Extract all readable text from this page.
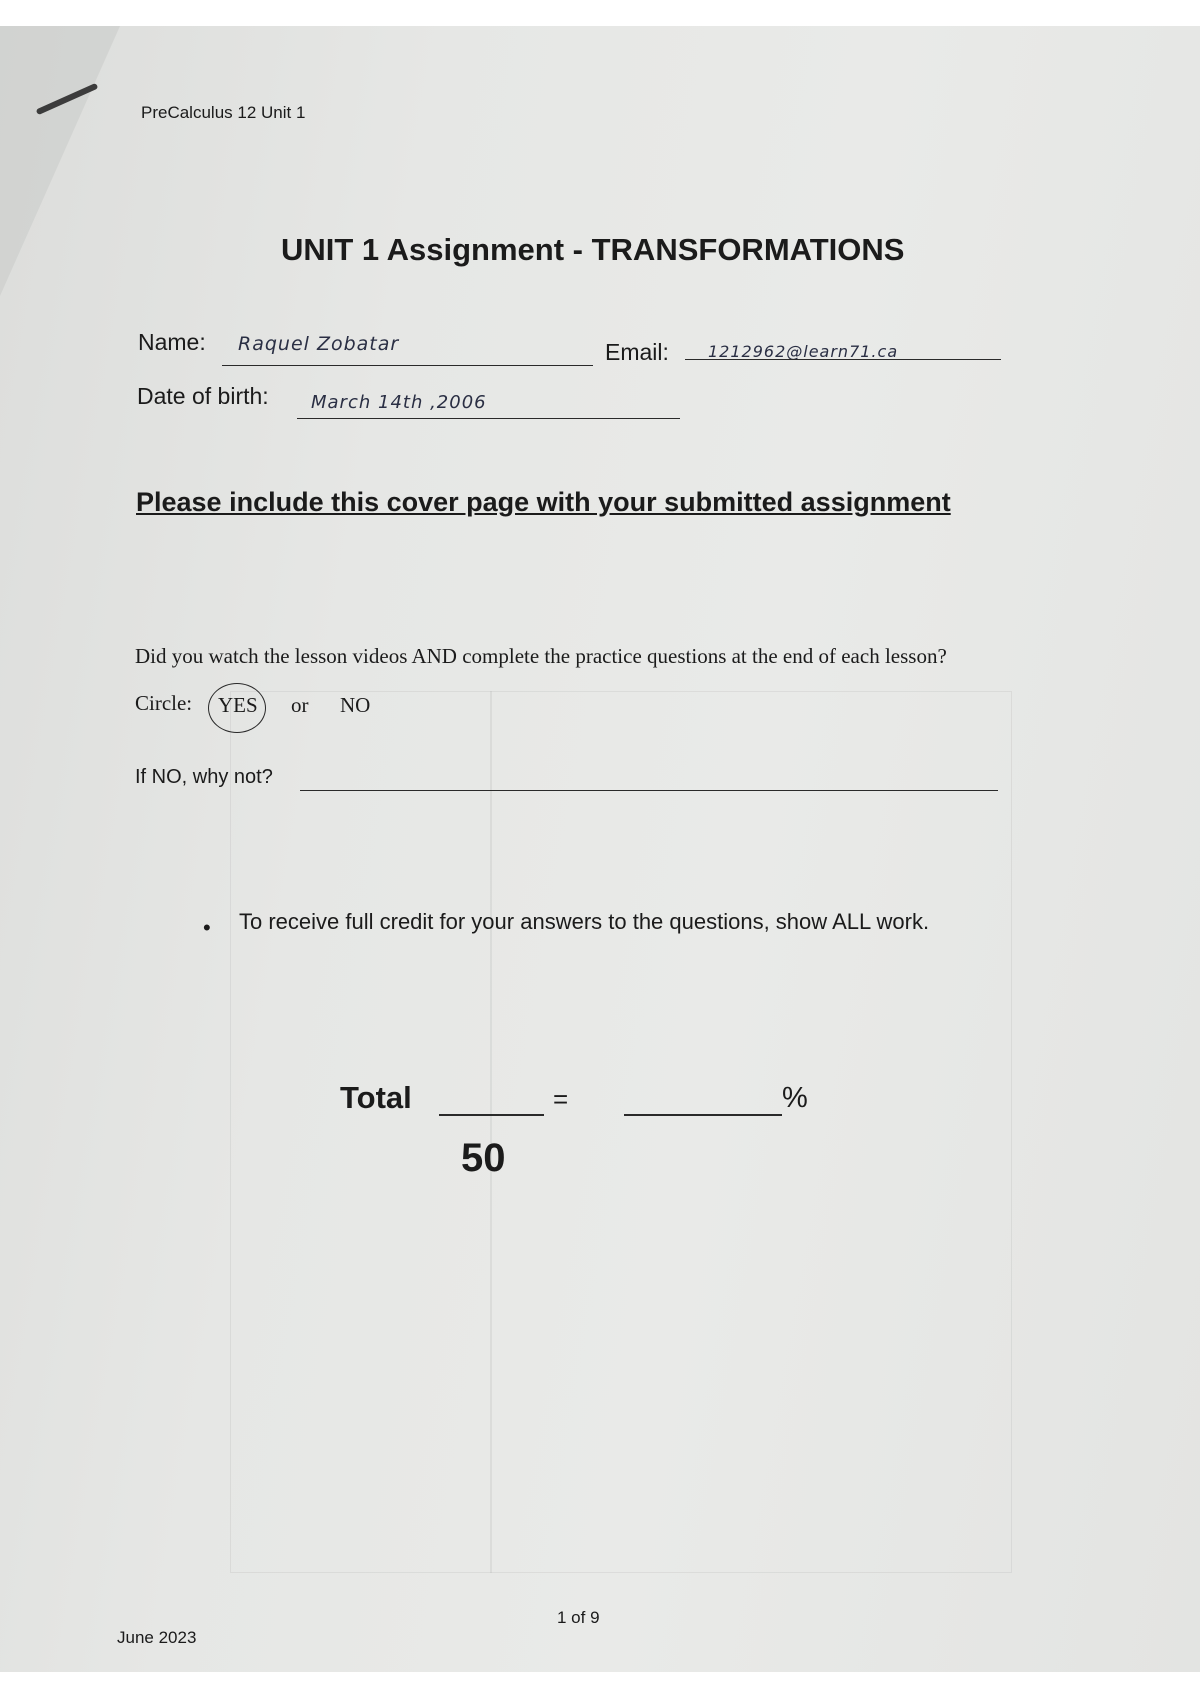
PreCalculus 12 Unit 1
UNIT 1 Assignment - TRANSFORMATIONS
Name: Raquel Zobatar	Email: 1212962@learn71.ca
Date of birth: March 14th ,2006
Please include this cover page with your submitted assignment
Did you watch the lesson videos AND complete the practice questions at the end of each lesson?
Circle: YES or NO
If NO, why not?
• To receive full credit for your answers to the questions, show ALL work.
Total	=	%
50
1 of 9
June 2023
